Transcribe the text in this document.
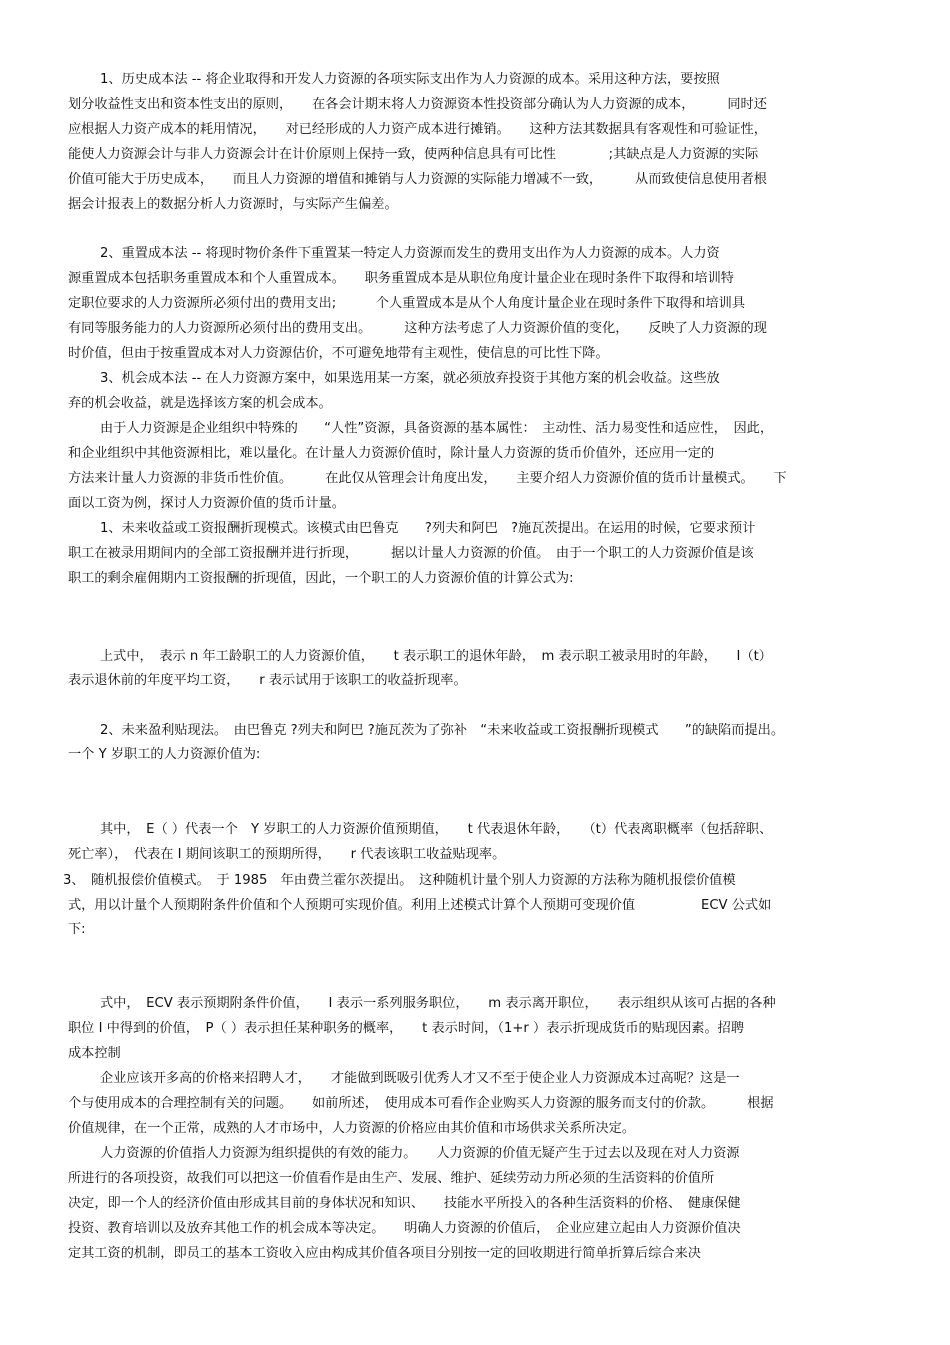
1、历史成本法 -- 将企业取得和开发人力资源的各项实际支出作为人力资源的成本。采用这种方法，要按照
划分收益性支出和资本性支出的原则，　　在各会计期末将人力资源资本性投资部分确认为人力资源的成本，　　　同时还
应根据人力资产成本的耗用情况，　　对已经形成的人力资产成本进行摊销。　　这种方法其数据具有客观性和可验证性，
能使人力资源会计与非人力资源会计在计价原则上保持一致，使两种信息具有可比性　　　　;其缺点是人力资源的实际
价值可能大于历史成本，　　而且人力资源的增值和摊销与人力资源的实际能力增减不一致，　　　从而致使信息使用者根
据会计报表上的数据分析人力资源时，与实际产生偏差。
2、重置成本法 -- 将现时物价条件下重置某一特定人力资源而发生的费用支出作为人力资源的成本。人力资
源重置成本包括职务重置成本和个人重置成本。　　职务重置成本是从职位角度计量企业在现时条件下取得和培训特
定职位要求的人力资源所必须付出的费用支出;　　　个人重置成本是从个人角度计量企业在现时条件下取得和培训具
有同等服务能力的人力资源所必须付出的费用支出。　　　这种方法考虑了人力资源价值的变化，　　反映了人力资源的现
时价值，但由于按重置成本对人力资源估价，不可避免地带有主观性，使信息的可比性下降。
3、机会成本法 -- 在人力资源方案中，如果选用某一方案，就必须放弃投资于其他方案的机会收益。这些放
弃的机会收益，就是选择该方案的机会成本。
由于人力资源是企业组织中特殊的　　“人性”资源，具备资源的基本属性：　主动性、活力易变性和适应性，　因此，
和企业组织中其他资源相比，难以量化。在计量人力资源价值时，除计量人力资源的货币价值外，还应用一定的
方法来计量人力资源的非货币性价值。　　　在此仅从管理会计角度出发，　　主要介绍人力资源价值的货币计量模式。　　下
面以工资为例，探讨人力资源价值的货币计量。
1、未来收益或工资报酬折现模式。该模式由巴鲁克　　?列夫和阿巴　?施瓦茨提出。在运用的时候，它要求预计
职工在被录用期间内的全部工资报酬并进行折现，　　　据以计量人力资源的价值。　由于一个职工的人力资源价值是该
职工的剩余雇佣期内工资报酬的折现值，因此，一个职工的人力资源价值的计算公式为:
上式中，　表示 n 年工龄职工的人力资源价值，　　t 表示职工的退休年龄，　m 表示职工被录用时的年龄，　　I（t）
表示退休前的年度平均工资，　　r 表示试用于该职工的收益折现率。
2、未来盈利贴现法。　由巴鲁克 ?列夫和阿巴 ?施瓦茨为了弥补　“未来收益或工资报酬折现模式　　”的缺陷而提出。
一个 Y 岁职工的人力资源价值为:
其中，　E（ ）代表一个　Y 岁职工的人力资源价值预期值，　　t 代表退休年龄，　　（t）代表离职概率（包括辞职、
死亡率），　代表在 I 期间该职工的预期所得，　　r 代表该职工收益贴现率。
3、　随机报偿价值模式。　于 1985　年由费兰霍尔茨提出。　这种随机计量个别人力资源的方法称为随机报偿价值模
式，用以计量个人预期附条件价值和个人预期可实现价值。利用上述模式计算个人预期可变现价值　　　　　ECV 公式如
下:
式中，　ECV 表示预期附条件价值，　　I 表示一系列服务职位，　　m 表示离开职位，　　表示组织从该可占据的各种
职位 I 中得到的价值，　P（ ）表示担任某种职务的概率，　　t 表示时间，（1+r ）表示折现成货币的贴现因素。招聘
成本控制
企业应该开多高的价格来招聘人才，　　才能做到既吸引优秀人才又不至于使企业人力资源成本过高呢？这是一
个与使用成本的合理控制有关的问题。　　如前所述，　使用成本可看作企业购买人力资源的服务而支付的价款。　　　根据
价值规律，在一个正常，成熟的人才市场中，人力资源的价格应由其价值和市场供求关系所决定。
人力资源的价值指人力资源为组织提供的有效的能力。　　人力资源的价值无疑产生于过去以及现在对人力资源
所进行的各项投资，故我们可以把这一价值看作是由生产、发展、维护、延续劳动力所必须的生活资料的价值所
决定，即一个人的经济价值由形成其目前的身体状况和知识、　　技能水平所投入的各种生活资料的价格、　健康保健
投资、教育培训以及放弃其他工作的机会成本等决定。　　明确人力资源的价值后，　企业应建立起由人力资源价值决
定其工资的机制，即员工的基本工资收入应由构成其价值各项目分别按一定的回收期进行简单折算后综合来决
